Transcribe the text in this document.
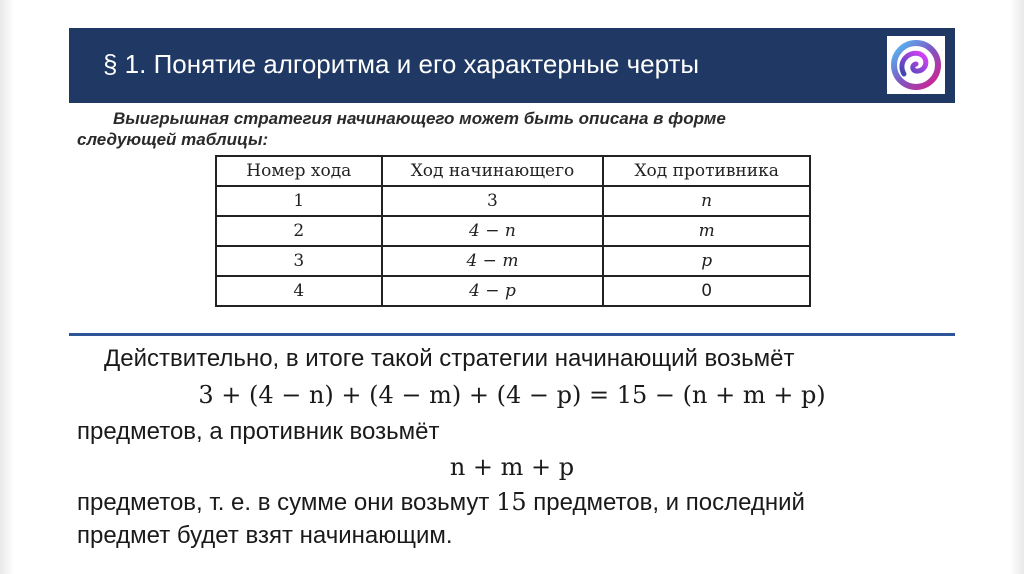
§ 1. Понятие алгоритма и его характерные черты
Выигрышная стратегия начинающего может быть описана в форме
следующей таблицы:
Номер хода	Ход начинающего	Ход противника
1	3	n
2	4 − n	m
3	4 − m	p
4	4 − p	0
Действительно, в итоге такой стратегии начинающий возьмёт
3 + (4 − n) + (4 − m) + (4 − p) = 15 − (n + m + p)
предметов, а противник возьмёт
n + m + p
предметов, т. е. в сумме они возьмут 15 предметов, и последний
предмет будет взят начинающим.
